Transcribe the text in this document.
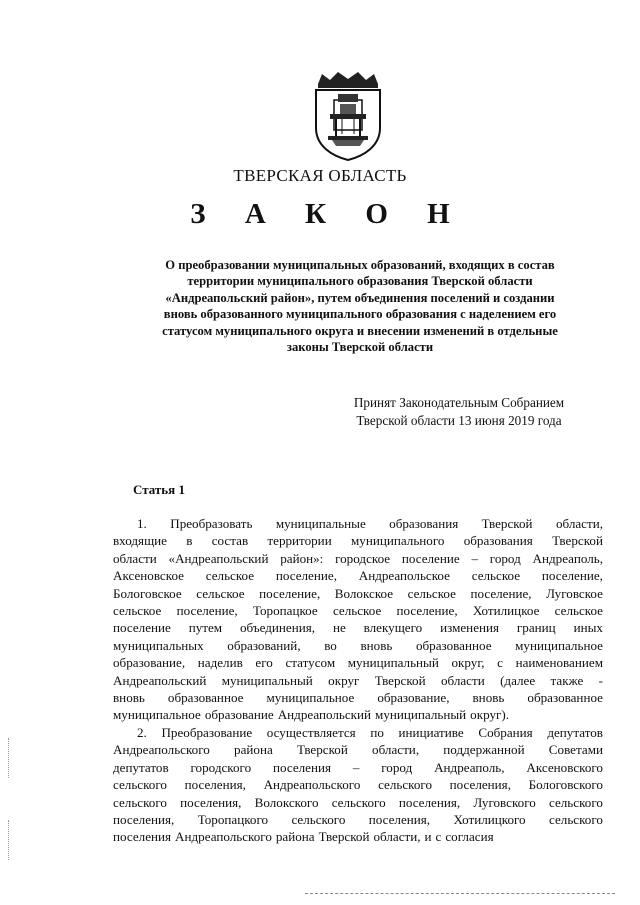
ТВЕРСКАЯ ОБЛАСТЬ
З А К О Н
О преобразовании муниципальных образований, входящих в состав
территории муниципального образования Тверской области
«Андреапольский район», путем объединения поселений и создании
вновь образованного муниципального образования с наделением его
статусом муниципального округа и внесении изменений в отдельные
законы Тверской области
Принят Законодательным Собранием
Тверской области 13 июня 2019 года
Статья 1
1. Преобразовать муниципальные образования Тверской области,
входящие в состав территории муниципального образования Тверской
области «Андреапольский район»: городское поселение – город Андреаполь,
Аксеновское сельское поселение, Андреапольское сельское поселение,
Бологовское сельское поселение, Волокское сельское поселение, Луговское
сельское поселение, Торопацкое сельское поселение, Хотилицкое сельское
поселение путем объединения, не влекущего изменения границ иных
муниципальных образований, во вновь образованное муниципальное
образование, наделив его статусом муниципальный округ, с наименованием
Андреапольский муниципальный округ Тверской области (далее также -
вновь образованное муниципальное образование, вновь образованное
муниципальное образование Андреапольский муниципальный округ).
2. Преобразование осуществляется по инициативе Собрания депутатов
Андреапольского района Тверской области, поддержанной Советами
депутатов городского поселения – город Андреаполь, Аксеновского
сельского поселения, Андреапольского сельского поселения, Бологовского
сельского поселения, Волокского сельского поселения, Луговского сельского
поселения, Торопацкого сельского поселения, Хотилицкого сельского
поселения Андреапольского района Тверской области, и с согласия
